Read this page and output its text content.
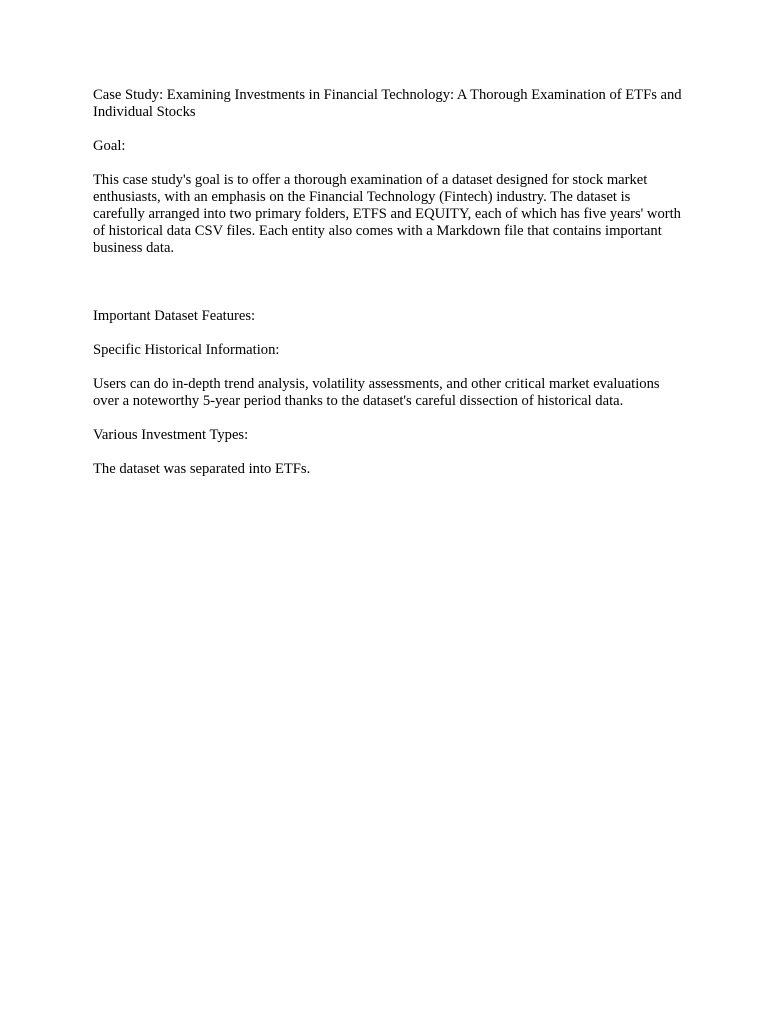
Case Study: Examining Investments in Financial Technology: A Thorough Examination of ETFs and Individual Stocks

Goal:

This case study's goal is to offer a thorough examination of a dataset designed for stock market enthusiasts, with an emphasis on the Financial Technology (Fintech) industry. The dataset is carefully arranged into two primary folders, ETFS and EQUITY, each of which has five years' worth of historical data CSV files. Each entity also comes with a Markdown file that contains important business data.

Important Dataset Features:

Specific Historical Information:

Users can do in-depth trend analysis, volatility assessments, and other critical market evaluations over a noteworthy 5-year period thanks to the dataset's careful dissection of historical data.

Various Investment Types:

The dataset was separated into ETFs.
